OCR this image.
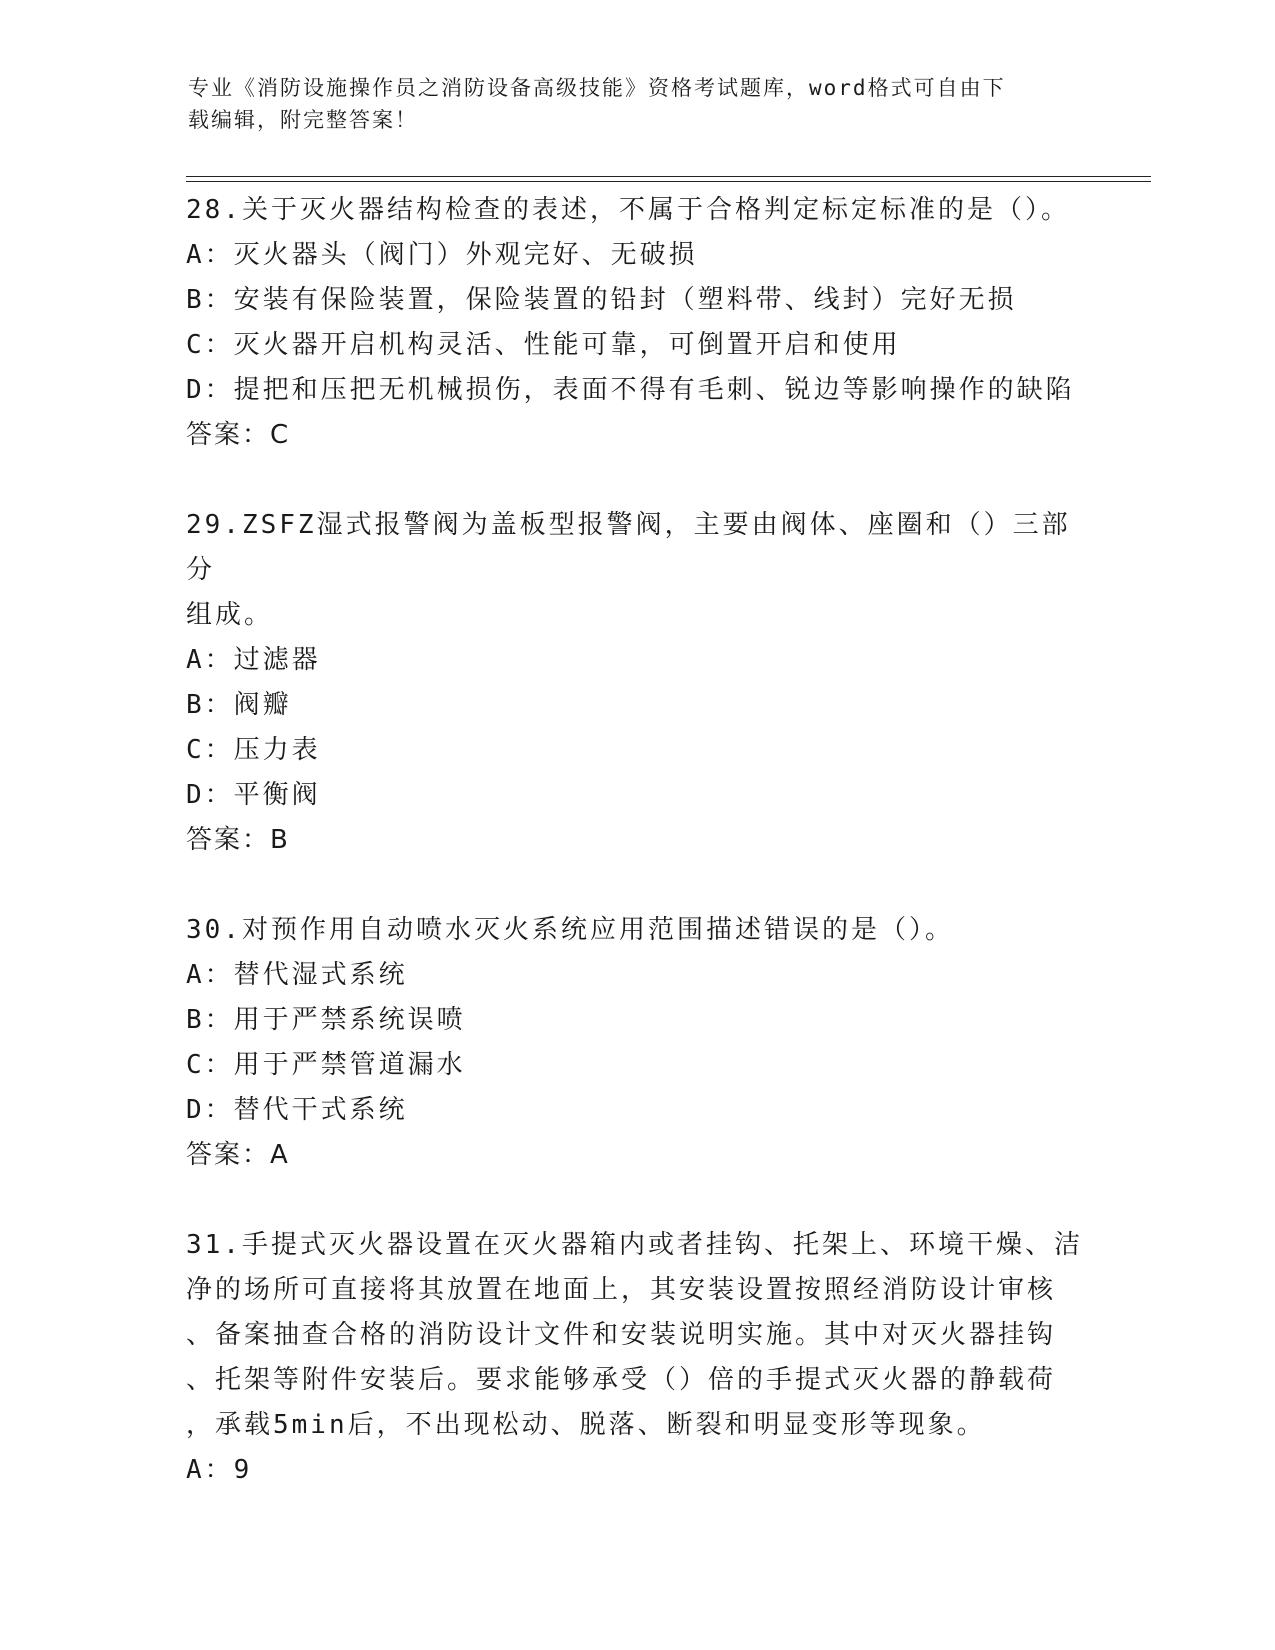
专业《消防设施操作员之消防设备高级技能》资格考试题库，word格式可自由下
载编辑，附完整答案！
28.关于灭火器结构检查的表述，不属于合格判定标定标准的是（）。
A：灭火器头（阀门）外观完好、无破损
B：安装有保险装置，保险装置的铅封（塑料带、线封）完好无损
C：灭火器开启机构灵活、性能可靠，可倒置开启和使用
D：提把和压把无机械损伤，表面不得有毛刺、锐边等影响操作的缺陷
答案：C
29.ZSFZ湿式报警阀为盖板型报警阀，主要由阀体、座圈和（）三部分
组成。
A：过滤器
B：阀瓣
C：压力表
D：平衡阀
答案：B
30.对预作用自动喷水灭火系统应用范围描述错误的是（）。
A：替代湿式系统
B：用于严禁系统误喷
C：用于严禁管道漏水
D：替代干式系统
答案：A
31.手提式灭火器设置在灭火器箱内或者挂钩、托架上、环境干燥、洁
净的场所可直接将其放置在地面上，其安装设置按照经消防设计审核
、备案抽查合格的消防设计文件和安装说明实施。其中对灭火器挂钩
、托架等附件安装后。要求能够承受（）倍的手提式灭火器的静载荷
，承载5min后，不出现松动、脱落、断裂和明显变形等现象。
A：9
